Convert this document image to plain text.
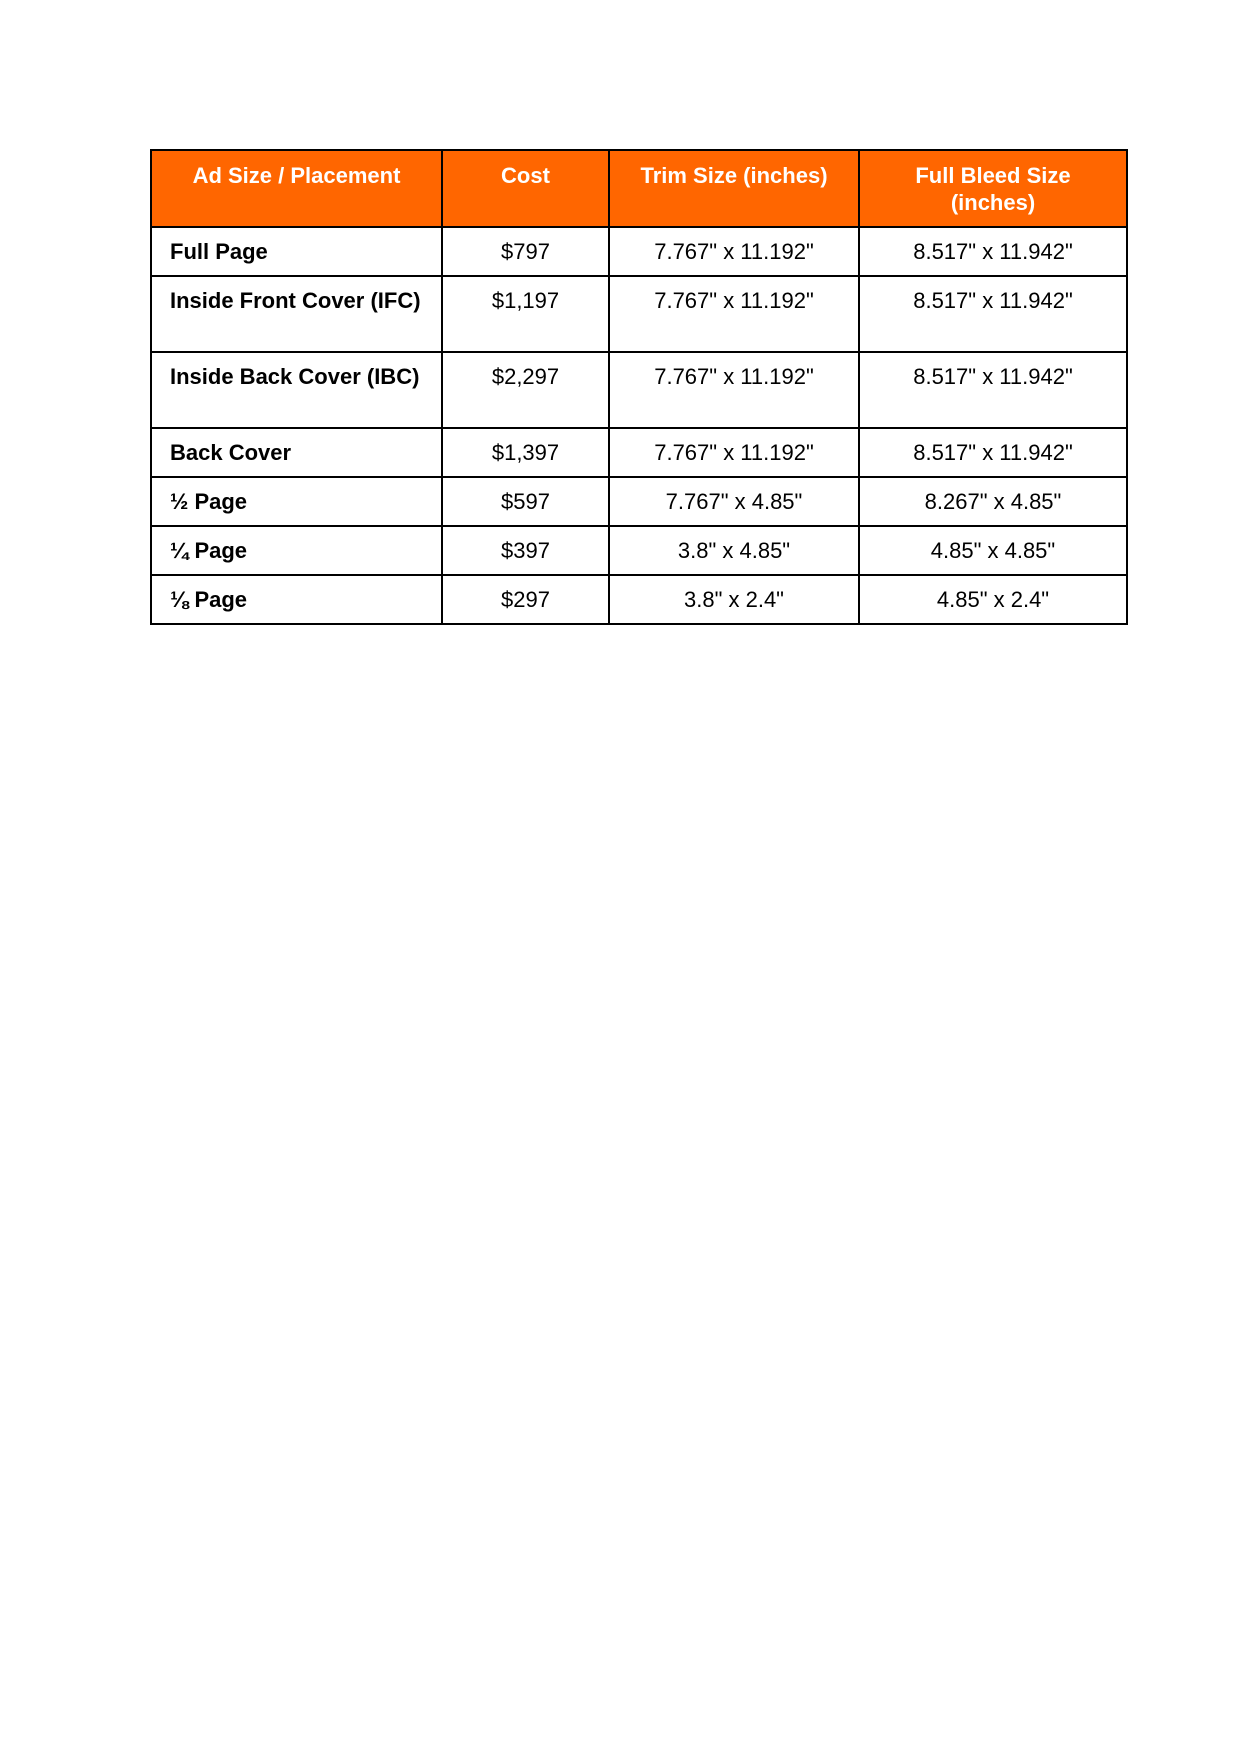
Ad Size / Placement	Cost	Trim Size (inches)	Full Bleed Size (inches)
Full Page	$797	7.767" x 11.192"	8.517" x 11.942"
Inside Front Cover (IFC)	$1,197	7.767" x 11.192"	8.517" x 11.942"
Inside Back Cover (IBC)	$2,297	7.767" x 11.192"	8.517" x 11.942"
Back Cover	$1,397	7.767" x 11.192"	8.517" x 11.942"
½ Page	$597	7.767" x 4.85"	8.267" x 4.85"
¼ Page	$397	3.8" x 4.85"	4.85" x 4.85"
⅛ Page	$297	3.8" x 2.4"	4.85" x 2.4"
